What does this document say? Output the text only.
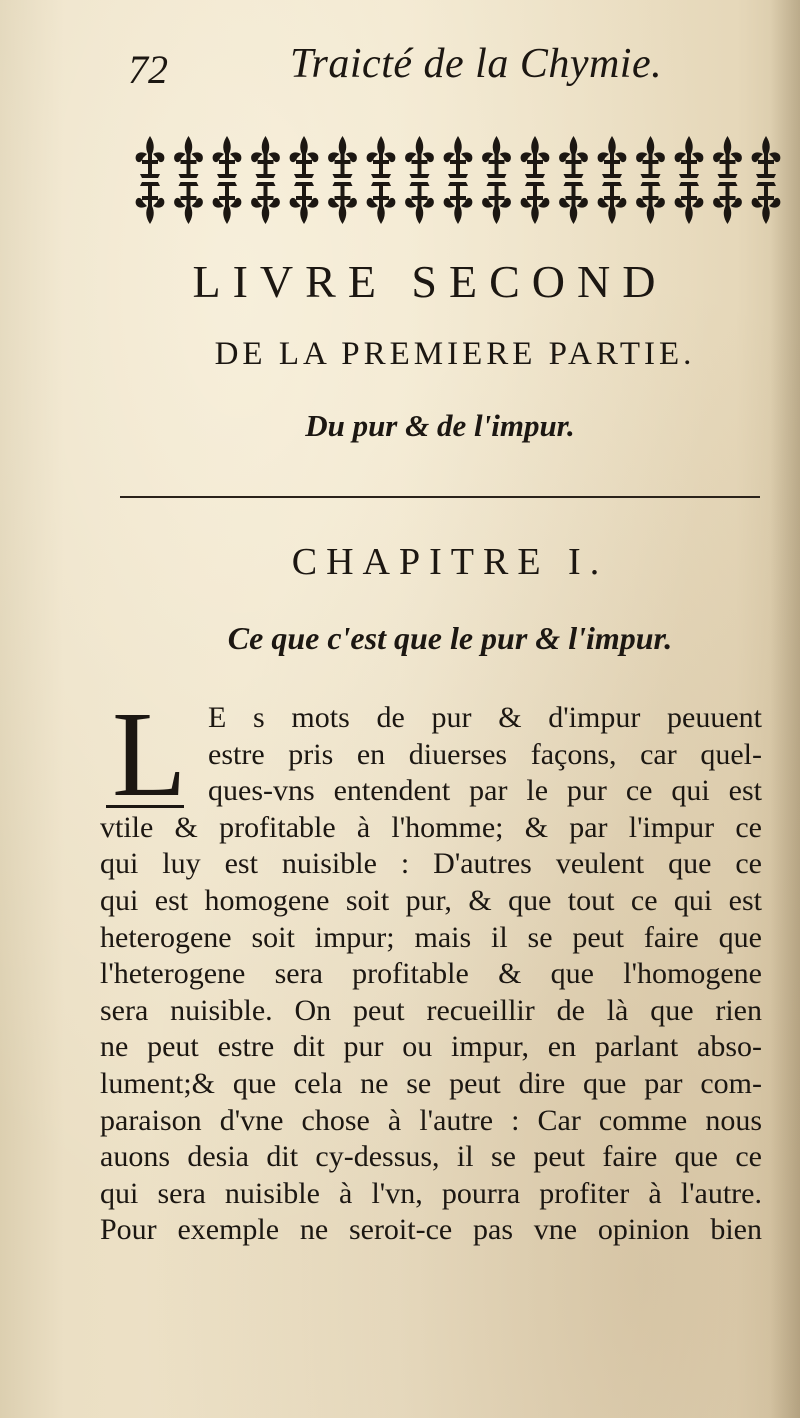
72	Traicté de la Chymie.
LIVRE SECOND
DE LA PREMIERE PARTIE.
Du pur & de l'impur.
CHAPITRE I.
Ce que c'est que le pur & l'impur.
L E s mots de pur & d'impur peuuent
estre pris en diuerses façons, car quel-
ques-vns entendent par le pur ce qui est
vtile & profitable à l'homme; & par l'impur ce
qui luy est nuisible : D'autres veulent que ce
qui est homogene soit pur, & que tout ce qui est
heterogene soit impur; mais il se peut faire que
l'heterogene sera profitable & que l'homogene
sera nuisible. On peut recueillir de là que rien
ne peut estre dit pur ou impur, en parlant abso-
lument;& que cela ne se peut dire que par com-
paraison d'vne chose à l'autre : Car comme nous
auons desia dit cy-dessus, il se peut faire que ce
qui sera nuisible à l'vn, pourra profiter à l'autre.
Pour exemple ne seroit-ce pas vne opinion bien
